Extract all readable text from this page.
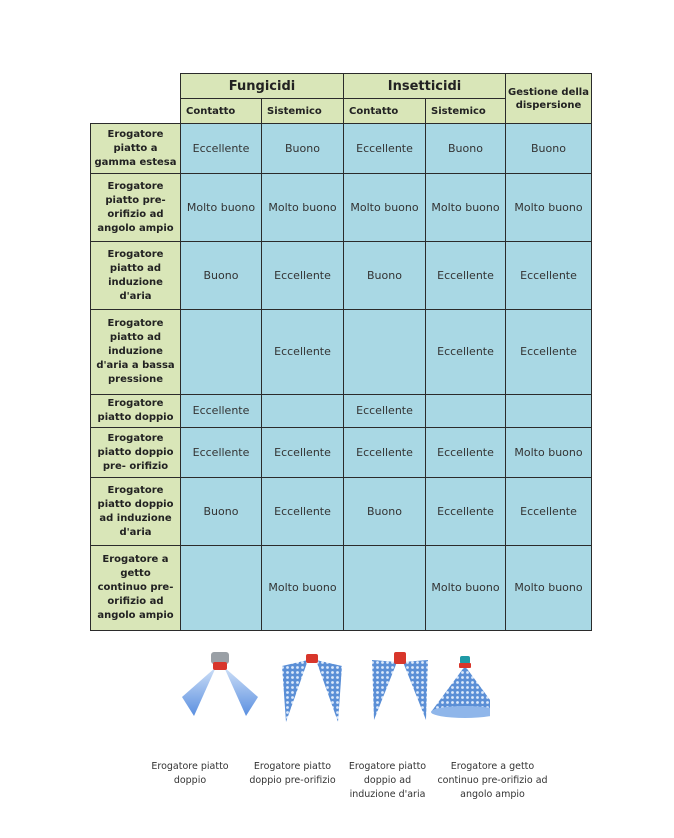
	Fungicidi		Insetticidi		Gestione della dispersione
	Contatto	Sistemico	Contatto	Sistemico	
Erogatore piatto a gamma estesa	Eccellente	Buono	Eccellente	Buono	Buono
Erogatore piatto pre-orifizio ad angolo ampio	Molto buono	Molto buono	Molto buono	Molto buono	Molto buono
Erogatore piatto ad induzione d'aria	Buono	Eccellente	Buono	Eccellente	Eccellente
Erogatore piatto ad induzione d'aria a bassa pressione		Eccellente		Eccellente	Eccellente
Erogatore piatto doppio	Eccellente		Eccellente		
Erogatore piatto doppio pre- orifizio	Eccellente	Eccellente	Eccellente	Eccellente	Molto buono
Erogatore piatto doppio ad induzione d'aria	Buono	Eccellente	Buono	Eccellente	Eccellente
Erogatore a getto continuo pre-orifizio ad angolo ampio		Molto buono		Molto buono	Molto buono
Erogatore piatto doppio
Erogatore piatto doppio pre-orifizio
Erogatore piatto doppio ad induzione d'aria
Erogatore a getto continuo pre-orifizio ad angolo ampio
